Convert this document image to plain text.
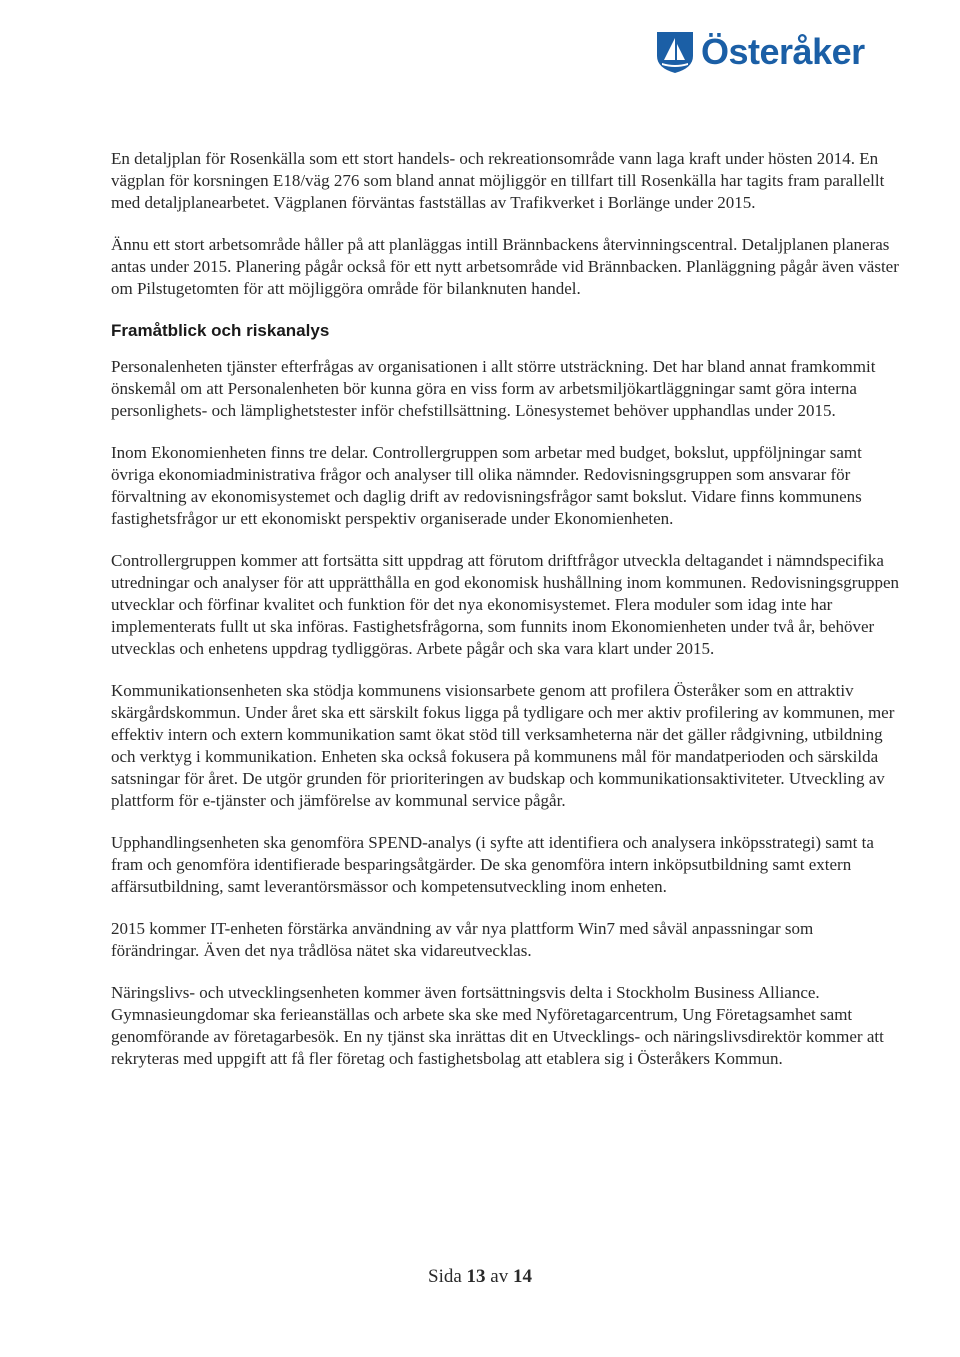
Österåker

En detaljplan för Rosenkälla som ett stort handels- och rekreationsområde vann laga kraft under hösten 2014. En vägplan för korsningen E18/väg 276 som bland annat möjliggör en tillfart till Rosenkälla har tagits fram parallellt med detaljplanearbetet. Vägplanen förväntas fastställas av Trafikverket i Borlänge under 2015.

Ännu ett stort arbetsområde håller på att planläggas intill Brännbackens återvinningscentral. Detaljplanen planeras antas under 2015. Planering pågår också för ett nytt arbetsområde vid Brännbacken. Planläggning pågår även väster om Pilstugetomten för att möjliggöra område för bilanknuten handel.

Framåtblick och riskanalys

Personalenheten tjänster efterfrågas av organisationen i allt större utsträckning. Det har bland annat framkommit önskemål om att Personalenheten bör kunna göra en viss form av arbetsmiljökartläggningar samt göra interna personlighets- och lämplighetstester inför chefstillsättning. Lönesystemet behöver upphandlas under 2015.

Inom Ekonomienheten finns tre delar. Controllergruppen som arbetar med budget, bokslut, uppföljningar samt övriga ekonomiadministrativa frågor och analyser till olika nämnder. Redovisningsgruppen som ansvarar för förvaltning av ekonomisystemet och daglig drift av redovisningsfrågor samt bokslut. Vidare finns kommunens fastighetsfrågor ur ett ekonomiskt perspektiv organiserade under Ekonomienheten.

Controllergruppen kommer att fortsätta sitt uppdrag att förutom driftfrågor utveckla deltagandet i nämndspecifika utredningar och analyser för att upprätthålla en god ekonomisk hushållning inom kommunen. Redovisningsgruppen utvecklar och förfinar kvalitet och funktion för det nya ekonomisystemet. Flera moduler som idag inte har implementerats fullt ut ska införas. Fastighetsfrågorna, som funnits inom Ekonomienheten under två år, behöver utvecklas och enhetens uppdrag tydliggöras. Arbete pågår och ska vara klart under 2015.

Kommunikationsenheten ska stödja kommunens visionsarbete genom att profilera Österåker som en attraktiv skärgårdskommun. Under året ska ett särskilt fokus ligga på tydligare och mer aktiv profilering av kommunen, mer effektiv intern och extern kommunikation samt ökat stöd till verksamheterna när det gäller rådgivning, utbildning och verktyg i kommunikation. Enheten ska också fokusera på kommunens mål för mandatperioden och särskilda satsningar för året. De utgör grunden för prioriteringen av budskap och kommunikationsaktiviteter. Utveckling av plattform för e-tjänster och jämförelse av kommunal service pågår.

Upphandlingsenheten ska genomföra SPEND-analys (i syfte att identifiera och analysera inköpsstrategi) samt ta fram och genomföra identifierade besparingsåtgärder. De ska genomföra intern inköpsutbildning samt extern affärsutbildning, samt leverantörsmässor och kompetensutveckling inom enheten.

2015 kommer IT-enheten förstärka användning av vår nya plattform Win7 med såväl anpassningar som förändringar. Även det nya trådlösa nätet ska vidareutvecklas.

Näringslivs- och utvecklingsenheten kommer även fortsättningsvis delta i Stockholm Business Alliance. Gymnasieungdomar ska ferieanställas och arbete ska ske med Nyföretagarcentrum, Ung Företagsamhet samt genomförande av företagarbesök. En ny tjänst ska inrättas dit en Utvecklings- och näringslivsdirektör kommer att rekryteras med uppgift att få fler företag och fastighetsbolag att etablera sig i Österåkers Kommun.

Sida 13 av 14
